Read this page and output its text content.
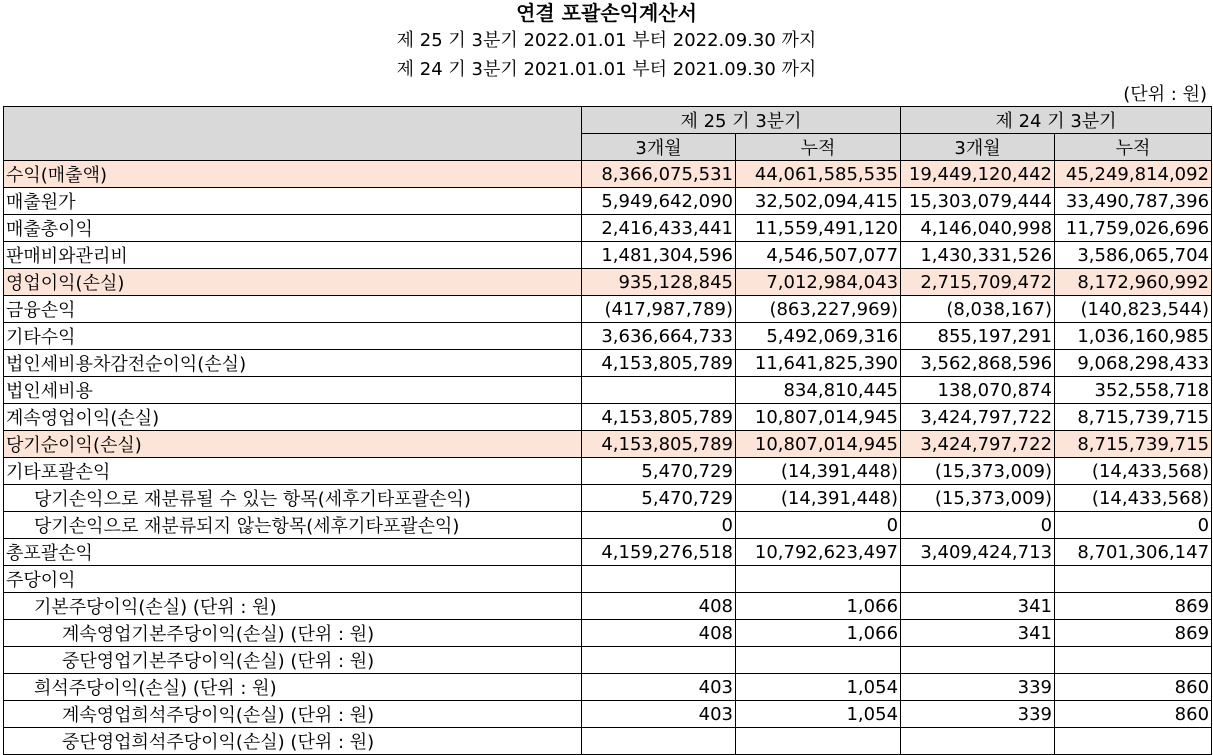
연결 포괄손익계산서
제 25 기 3분기 2022.01.01 부터 2022.09.30 까지
제 24 기 3분기 2021.01.01 부터 2021.09.30 까지
(단위 : 원)
	제 25 기 3분기		제 24 기 3분기	
	3개월	누적	3개월	누적
수익(매출액)	8,366,075,531	44,061,585,535	19,449,120,442	45,249,814,092
매출원가	5,949,642,090	32,502,094,415	15,303,079,444	33,490,787,396
매출총이익	2,416,433,441	11,559,491,120	4,146,040,998	11,759,026,696
판매비와관리비	1,481,304,596	4,546,507,077	1,430,331,526	3,586,065,704
영업이익(손실)	935,128,845	7,012,984,043	2,715,709,472	8,172,960,992
금융손익	(417,987,789)	(863,227,969)	(8,038,167)	(140,823,544)
기타수익	3,636,664,733	5,492,069,316	855,197,291	1,036,160,985
법인세비용차감전순이익(손실)	4,153,805,789	11,641,825,390	3,562,868,596	9,068,298,433
법인세비용		834,810,445	138,070,874	352,558,718
계속영업이익(손실)	4,153,805,789	10,807,014,945	3,424,797,722	8,715,739,715
당기순이익(손실)	4,153,805,789	10,807,014,945	3,424,797,722	8,715,739,715
기타포괄손익	5,470,729	(14,391,448)	(15,373,009)	(14,433,568)
당기손익으로 재분류될 수 있는 항목(세후기타포괄손익)	5,470,729	(14,391,448)	(15,373,009)	(14,433,568)
당기손익으로 재분류되지 않는항목(세후기타포괄손익)	0	0	0	0
총포괄손익	4,159,276,518	10,792,623,497	3,409,424,713	8,701,306,147
주당이익				
기본주당이익(손실) (단위 : 원)	408	1,066	341	869
계속영업기본주당이익(손실) (단위 : 원)	408	1,066	341	869
중단영업기본주당이익(손실) (단위 : 원)				
희석주당이익(손실) (단위 : 원)	403	1,054	339	860
계속영업희석주당이익(손실) (단위 : 원)	403	1,054	339	860
중단영업희석주당이익(손실) (단위 : 원)				
